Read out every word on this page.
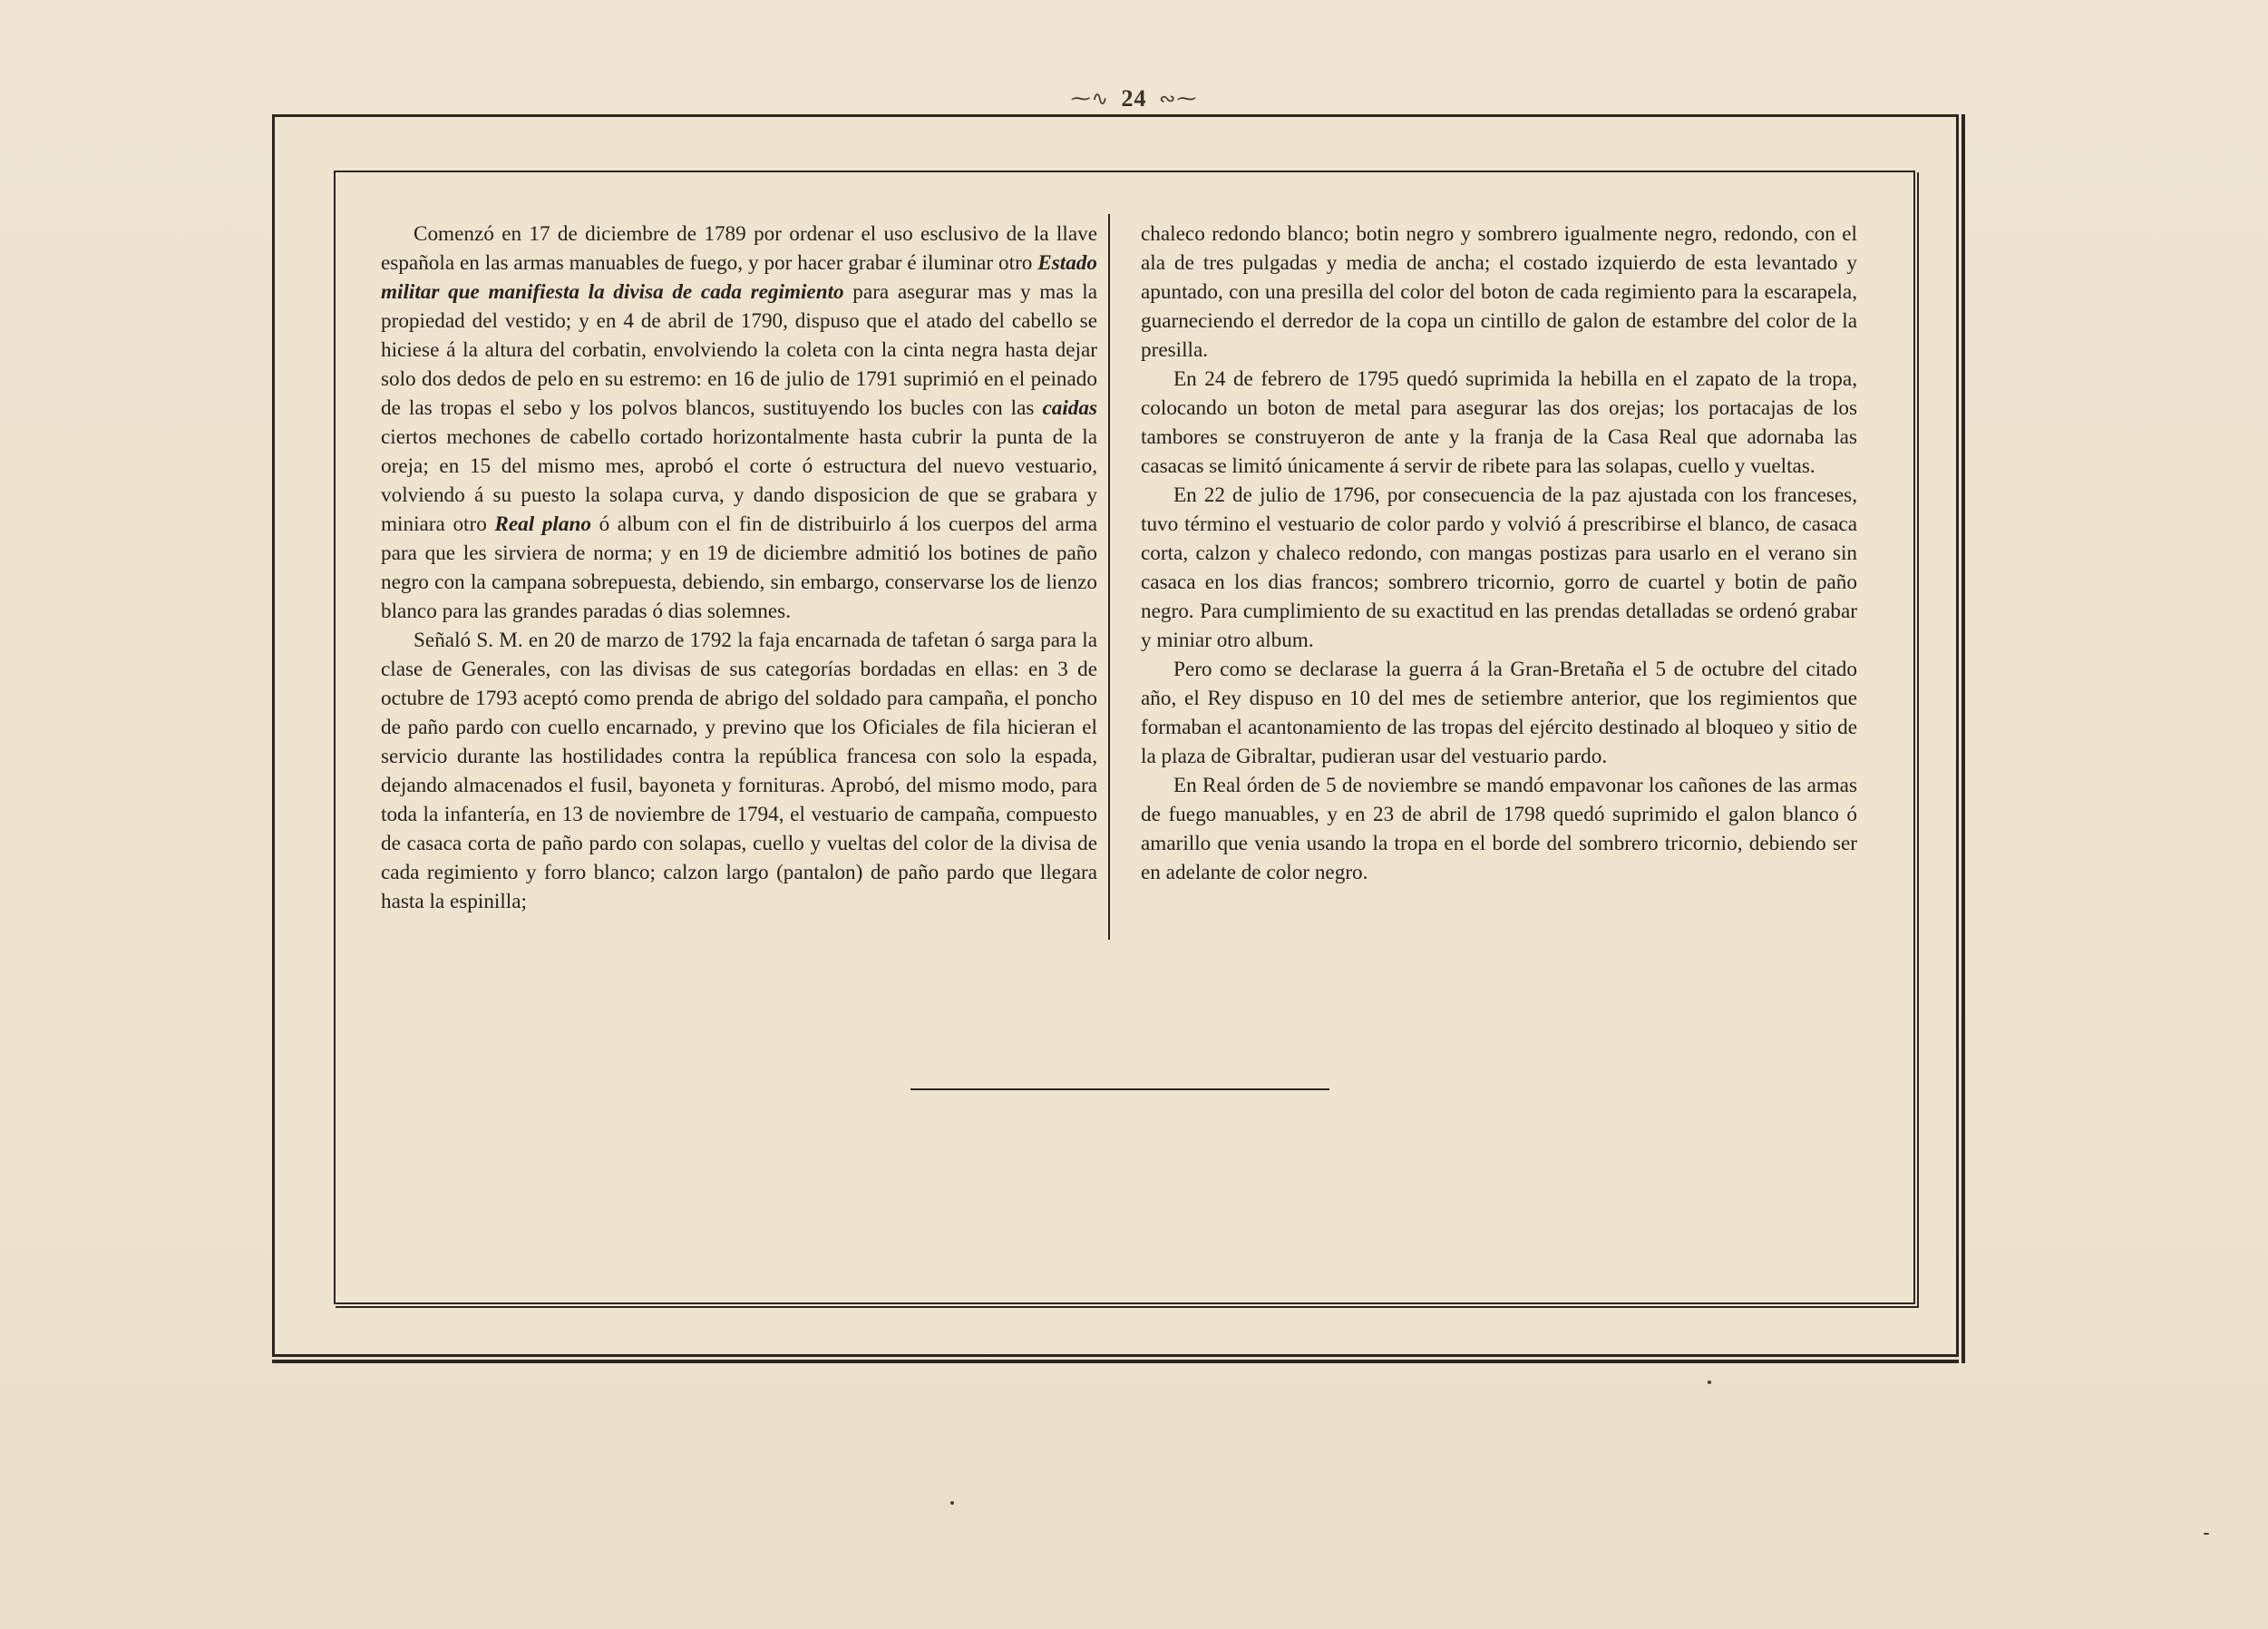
⁓∿ 24 ∾⁓

Comenzó en 17 de diciembre de 1789 por ordenar el uso esclusivo de la llave española en las armas manuables de fuego, y por hacer grabar é iluminar otro Estado militar que manifiesta la divisa de cada regimiento para asegurar mas y mas la propiedad del vestido; y en 4 de abril de 1790, dispuso que el atado del cabello se hiciese á la altura del corbatin, envolviendo la coleta con la cinta negra hasta dejar solo dos dedos de pelo en su estremo: en 16 de julio de 1791 suprimió en el peinado de las tropas el sebo y los polvos blancos, sustituyendo los bucles con las caidas ciertos mechones de cabello cortado horizontalmente hasta cubrir la punta de la oreja; en 15 del mismo mes, aprobó el corte ó estructura del nuevo vestuario, volviendo á su puesto la solapa curva, y dando disposicion de que se grabara y miniara otro Real plano ó album con el fin de distribuirlo á los cuerpos del arma para que les sirviera de norma; y en 19 de diciembre admitió los botines de paño negro con la campana sobrepuesta, debiendo, sin embargo, conservarse los de lienzo blanco para las grandes paradas ó dias solemnes.

Señaló S. M. en 20 de marzo de 1792 la faja encarnada de tafetan ó sarga para la clase de Generales, con las divisas de sus categorías bordadas en ellas: en 3 de octubre de 1793 aceptó como prenda de abrigo del soldado para campaña, el poncho de paño pardo con cuello encarnado, y previno que los Oficiales de fila hicieran el servicio durante las hostilidades contra la república francesa con solo la espada, dejando almacenados el fusil, bayoneta y fornituras. Aprobó, del mismo modo, para toda la infantería, en 13 de noviembre de 1794, el vestuario de campaña, compuesto de casaca corta de paño pardo con solapas, cuello y vueltas del color de la divisa de cada regimiento y forro blanco; calzon largo (pantalon) de paño pardo que llegara hasta la espinilla;

chaleco redondo blanco; botin negro y sombrero igualmente negro, redondo, con el ala de tres pulgadas y media de ancha; el costado izquierdo de esta levantado y apuntado, con una presilla del color del boton de cada regimiento para la escarapela, guarneciendo el derredor de la copa un cintillo de galon de estambre del color de la presilla.

En 24 de febrero de 1795 quedó suprimida la hebilla en el zapato de la tropa, colocando un boton de metal para asegurar las dos orejas; los portacajas de los tambores se construyeron de ante y la franja de la Casa Real que adornaba las casacas se limitó únicamente á servir de ribete para las solapas, cuello y vueltas.

En 22 de julio de 1796, por consecuencia de la paz ajustada con los franceses, tuvo término el vestuario de color pardo y volvió á prescribirse el blanco, de casaca corta, calzon y chaleco redondo, con mangas postizas para usarlo en el verano sin casaca en los dias francos; sombrero tricornio, gorro de cuartel y botin de paño negro. Para cumplimiento de su exactitud en las prendas detalladas se ordenó grabar y miniar otro album.

Pero como se declarase la guerra á la Gran-Bretaña el 5 de octubre del citado año, el Rey dispuso en 10 del mes de setiembre anterior, que los regimientos que formaban el acantonamiento de las tropas del ejército destinado al bloqueo y sitio de la plaza de Gibraltar, pudieran usar del vestuario pardo.

En Real órden de 5 de noviembre se mandó empavonar los cañones de las armas de fuego manuables, y en 23 de abril de 1798 quedó suprimido el galon blanco ó amarillo que venia usando la tropa en el borde del sombrero tricornio, debiendo ser en adelante de color negro.
